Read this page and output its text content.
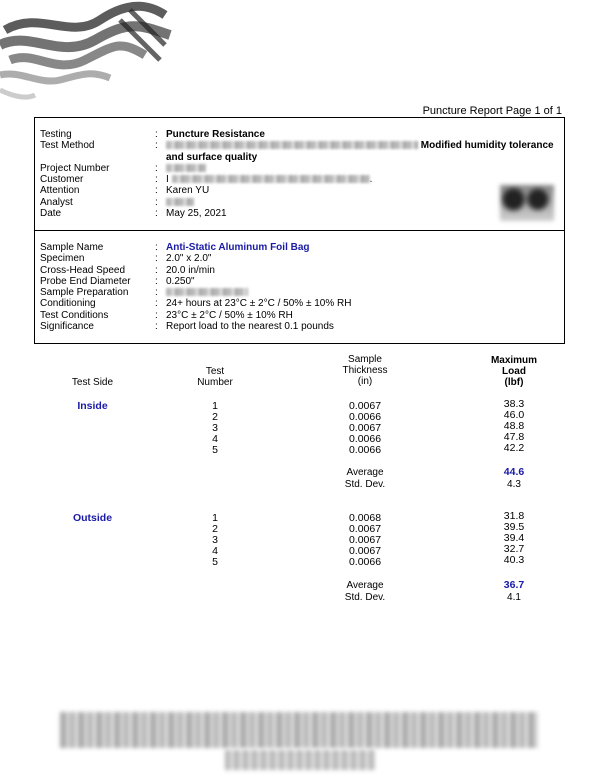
Puncture Report Page 1 of 1
Testing	: Puncture Resistance
Test Method	:	Modified humidity tolerance
and surface quality
Project Number	:
Customer	: I	.
Attention	: Karen YU
Analyst	:
Date	: May 25, 2021
Sample Name	: Anti-Static Aluminum Foil Bag
Specimen	: 2.0" x 2.0"
Cross-Head Speed	: 20.0 in/min
Probe End Diameter : 0.250"
Sample Preparation	:
Conditioning	: 24+ hours at 23°C ± 2°C / 50% ± 10% RH
Test Conditions	: 23°C ± 2°C / 50% ± 10% RH
Significance	: Report load to the nearest 0.1 pounds
Test Side
Test
Number
Sample
Thickness
(in)
Maximum
Load
(lbf)
Inside	1	0.0067	38.3
2	0.0066	46.0
3	0.0067	48.8
4	0.0066	47.8
5	0.0066	42.2
Average	44.6
Std. Dev.	4.3
Outside	1	0.0068	31.8
2	0.0067	39.5
3	0.0067	39.4
4	0.0067	32.7
5	0.0066	40.3
Average	36.7
Std. Dev.	4.1
